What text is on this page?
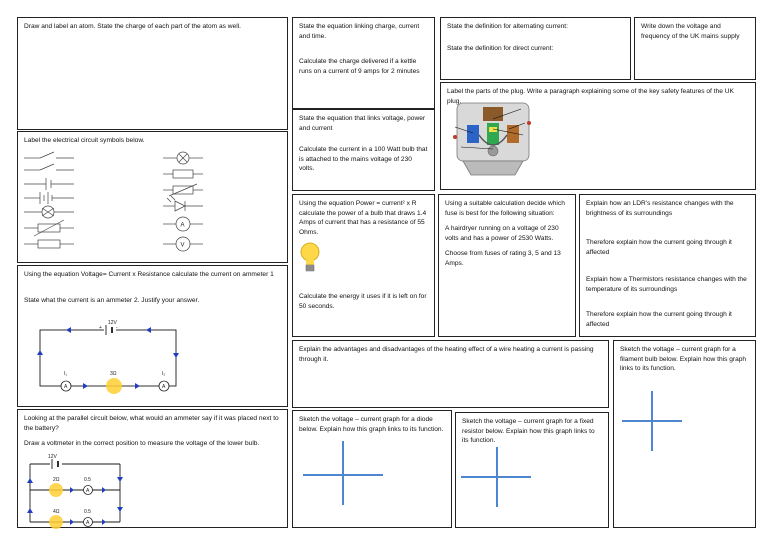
Draw and label an atom. State the charge of each part of the atom as well.	State the equation linking charge, current and time.

Calculate the charge delivered if a kettle runs on a current of 9 amps for 2 minutes

State the definition for alternating current:

State the definition for direct current:

Write down the voltage and frequency of the UK mains supply
Label the parts of the plug. Write a paragraph explaining some of the key safety features of the UK plug.
Label the electrical circuit symbols below.
A
V

State the equation that links voltage, power and current

Calculate the current in a 100 Watt bulb that is attached to the mains voltage of 230 volts.

Using the equation Power = current² x R calculate the power of a bulb that draws 1.4 Amps of current that has a resistance of 55 Ohms.

Calculate the energy it uses if it is left on for 50 seconds.

Using a suitable calculation decide which fuse is best for the following situation:

A hairdryer running on a voltage of 230 volts and has a power of 2530 Watts.

Choose from fuses of rating 3, 5 and 13 Amps.

Explain how an LDR’s resistance changes with the brightness of its surroundings

Therefore explain how the current going through it affected

Explain how a Thermistors resistance changes with the temperature of its surroundings

Therefore explain how the current going through it affected

Using the equation Voltage= Current x Resistance calculate the current on ammeter 1

State what the current is an ammeter 2. Justify your answer.

12V
+	-
3Ω
A
I₁
A
I₂
Explain the advantages and disadvantages of the heating effect of a wire heating a current is passing through it.
Sketch the voltage – current graph for a filament bulb below. Explain how this graph links to its function.

Looking at the parallel circuit below, what would an ammeter say if it was placed next to the battery?

Draw a voltmeter in the correct position to measure the voltage of the lower bulb.

12V
2Ω
A
0.5
4Ω
A
0.5
Sketch the voltage – current graph for a diode below. Explain how this graph links to its function.
Sketch the voltage – current graph for a fixed resistor below. Explain how this graph links to its function.
